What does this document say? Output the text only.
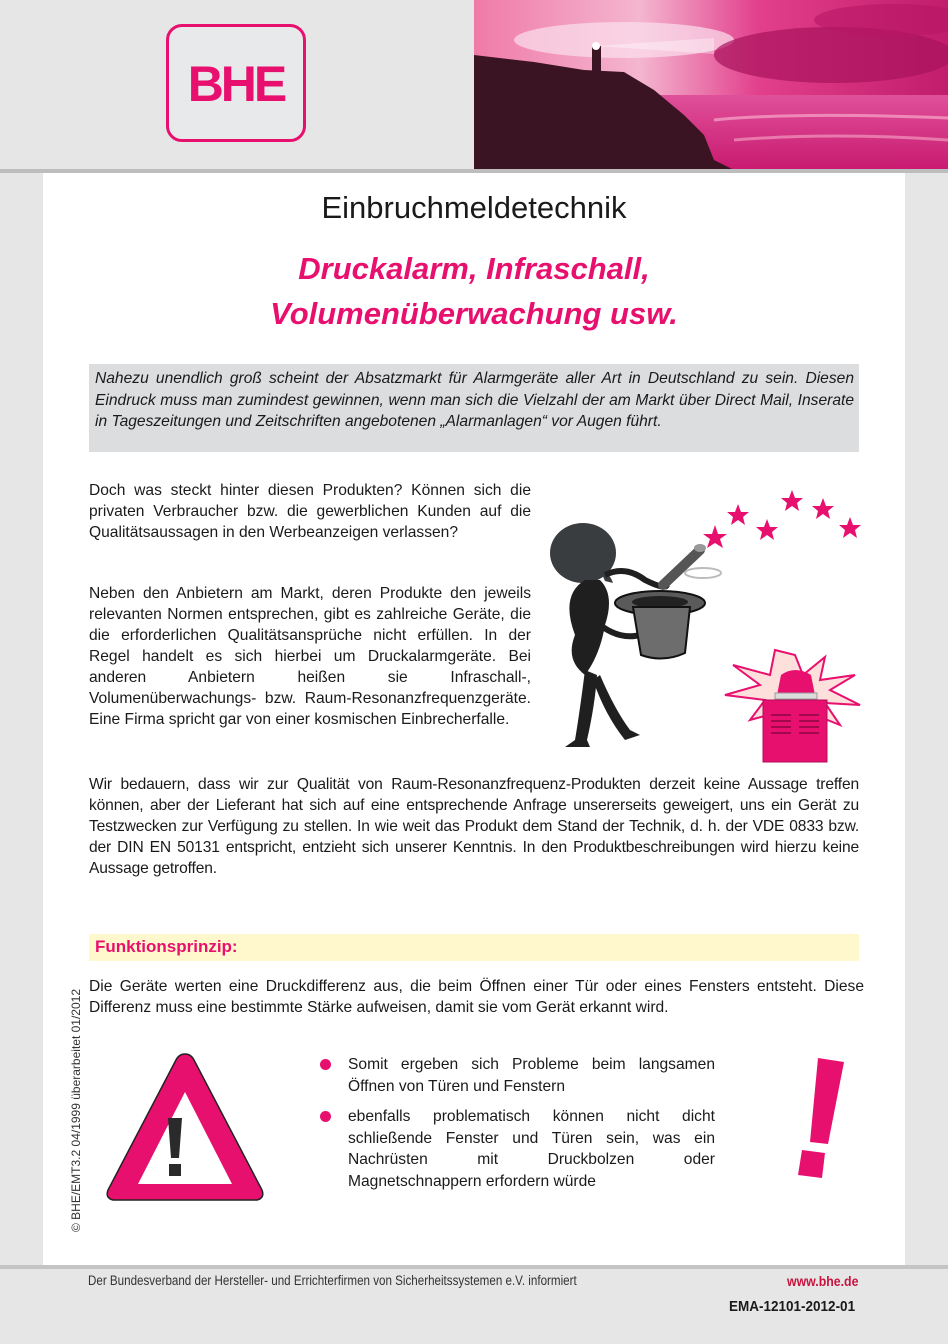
BHE
Einbruchmeldetechnik
Druckalarm, Infraschall,
Volumenüberwachung usw.
Nahezu unendlich groß scheint der Absatzmarkt für Alarmgeräte aller Art in Deutschland zu sein. Diesen Eindruck muss man zumindest gewinnen, wenn man sich die Vielzahl der am Markt über Direct Mail, Inserate in Tageszeitungen und Zeitschriften angebotenen „Alarmanlagen“ vor Augen führt.
Doch was steckt hinter diesen Produkten? Können sich die privaten Verbraucher bzw. die gewerblichen Kunden auf die Qualitätsaussagen in den Werbeanzeigen verlassen?
Neben den Anbietern am Markt, deren Produkte den jeweils relevanten Normen entsprechen, gibt es zahlreiche Geräte, die die erforderlichen Qualitätsansprüche nicht erfüllen. In der Regel handelt es sich hierbei um Druckalarmgeräte. Bei anderen Anbietern heißen sie Infraschall-, Volumenüberwachungs- bzw. Raum-Resonanzfrequenzgeräte. Eine Firma spricht gar von einer kosmischen Einbrecherfalle.
Wir bedauern, dass wir zur Qualität von Raum-Resonanzfrequenz-Produkten derzeit keine Aussage treffen können, aber der Lieferant hat sich auf eine entsprechende Anfrage unsererseits geweigert, uns ein Gerät zu Testzwecken zur Verfügung zu stellen. In wie weit das Produkt dem Stand der Technik, d. h. der VDE 0833 bzw. der DIN EN 50131 entspricht, entzieht sich unserer Kenntnis. In den Produktbeschreibungen wird hierzu keine Aussage getroffen.
Funktionsprinzip:
Die Geräte werten eine Druckdifferenz aus, die beim Öffnen einer Tür oder eines Fensters entsteht. Diese Differenz muss eine bestimmte Stärke aufweisen, damit sie vom Gerät erkannt wird.
Somit ergeben sich Probleme beim langsamen Öffnen von Türen und Fenstern
ebenfalls problematisch können nicht dicht schließende Fenster und Türen sein, was ein Nachrüsten mit Druckbolzen oder Magnetschnappern erfordern würde
© BHE/EMT3.2 04/1999 überarbeitet 01/2012
Der Bundesverband der Hersteller- und Errichterfirmen von Sicherheitssystemen e.V. informiert	www.bhe.de
EMA-12101-2012-01
